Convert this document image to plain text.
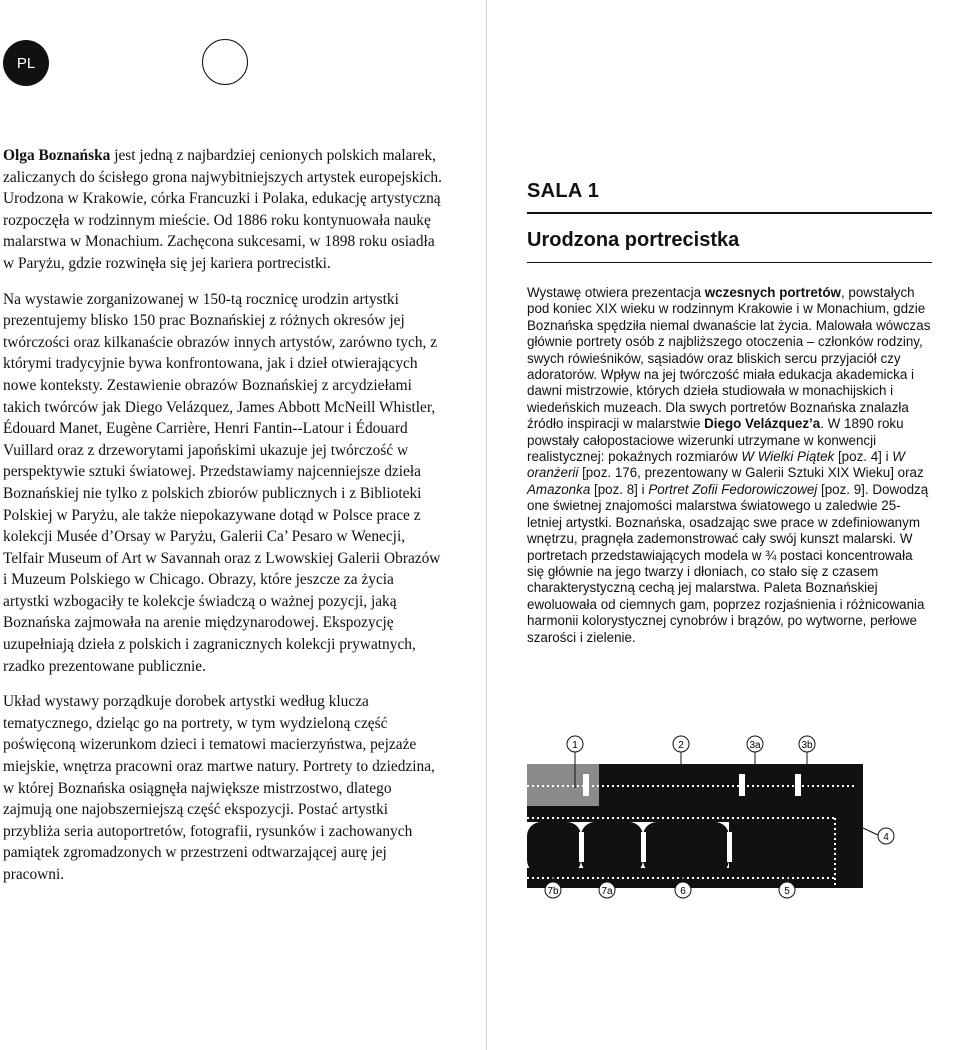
PL

Olga Boznańska jest jedną z najbardziej cenionych polskich malarek, zaliczanych do ścisłego grona najwybitniejszych artystek europejskich. Urodzona w Krakowie, córka Francuzki i Polaka, edukację artystyczną rozpoczęła w rodzinnym mieście. Od 1886 roku kontynuowała naukę malarstwa w Monachium. Zachęcona sukcesami, w 1898 roku osiadła w Paryżu, gdzie rozwinęła się jej kariera portrecistki.

Na wystawie zorganizowanej w 150-tą rocznicę urodzin artystki prezentujemy blisko 150 prac Boznańskiej z różnych okresów jej twórczości oraz kilkanaście obrazów innych artystów, zarówno tych, z którymi tradycyjnie bywa konfrontowana, jak i dzieł otwierających nowe konteksty. Zestawienie obrazów Boznańskiej z arcydziełami takich twórców jak Diego Velázquez, James Abbott McNeill Whistler, Édouard Manet, Eugène Carrière, Henri Fantin--Latour i Édouard Vuillard oraz z drzeworytami japońskimi ukazuje jej twórczość w perspektywie sztuki światowej. Przedstawiamy najcenniejsze dzieła Boznańskiej nie tylko z polskich zbiorów publicznych i z Biblioteki Polskiej w Paryżu, ale także niepokazywane dotąd w Polsce prace z kolekcji Musée d’Orsay w Paryżu, Galerii Ca’ Pesaro w Wenecji, Telfair Museum of Art w Savannah oraz z Lwowskiej Galerii Obrazów i Muzeum Polskiego w Chicago. Obrazy, które jeszcze za życia artystki wzbogaciły te kolekcje świadczą o ważnej pozycji, jaką Boznańska zajmowała na arenie międzynarodowej. Ekspozycję uzupełniają dzieła z polskich i zagranicznych kolekcji prywatnych, rzadko prezentowane publicznie.

Układ wystawy porządkuje dorobek artystki według klucza tematycznego, dzieląc go na portrety, w tym wydzieloną część poświęconą wizerunkom dzieci i tematowi macierzyństwa, pejzaże miejskie, wnętrza pracowni oraz martwe natury. Portrety to dziedzina, w której Boznańska osiągnęła największe mistrzostwo, dlatego zajmują one najobszerniejszą część ekspozycji. Postać artystki przybliża seria autoportretów, fotografii, rysunków i zachowanych pamiątek zgromadzonych w przestrzeni odtwarzającej aurę jej pracowni.

SALA 1
Urodzona portrecistka

Wystawę otwiera prezentacja wczesnych portretów, powstałych pod koniec XIX wieku w rodzinnym Krakowie i w Monachium, gdzie Boznańska spędziła niemal dwanaście lat życia. Malowała wówczas głównie portrety osób z najbliższego otoczenia – członków rodziny, swych rówieśników, sąsiadów oraz bliskich sercu przyjaciół czy adoratorów. Wpływ na jej twórczość miała edukacja akademicka i dawni mistrzowie, których dzieła studiowała w monachijskich i wiedeńskich muzeach. Dla swych portretów Boznańska znalazła źródło inspiracji w malarstwie Diego Velázquez’a. W 1890 roku powstały całopostaciowe wizerunki utrzymane w konwencji realistycznej: pokaźnych rozmiarów W Wielki Piątek [poz. 4] i W oranżerii [poz. 176, prezentowany w Galerii Sztuki XIX Wieku] oraz Amazonka [poz. 8] i Portret Zofii Fedorowiczowej [poz. 9]. Dowodzą one świetnej znajomości malarstwa światowego u zaledwie 25-letniej artystki. Boznańska, osadzając swe prace w zdefiniowanym wnętrzu, pragnęła zademonstrować cały swój kunszt malarski. W portretach przedstawiających modela w ¾ postaci koncentrowała się głównie na jego twarzy i dłoniach, co stało się z czasem charakterystyczną cechą jej malarstwa. Paleta Boznańskiej ewoluowała od ciemnych gam, poprzez rozjaśnienia i różnicowania harmonii kolorystycznej cynobrów i brązów, po wytworne, perłowe szarości i zielenie.

1	2	3a	3b
4
7b	7a	6	5
